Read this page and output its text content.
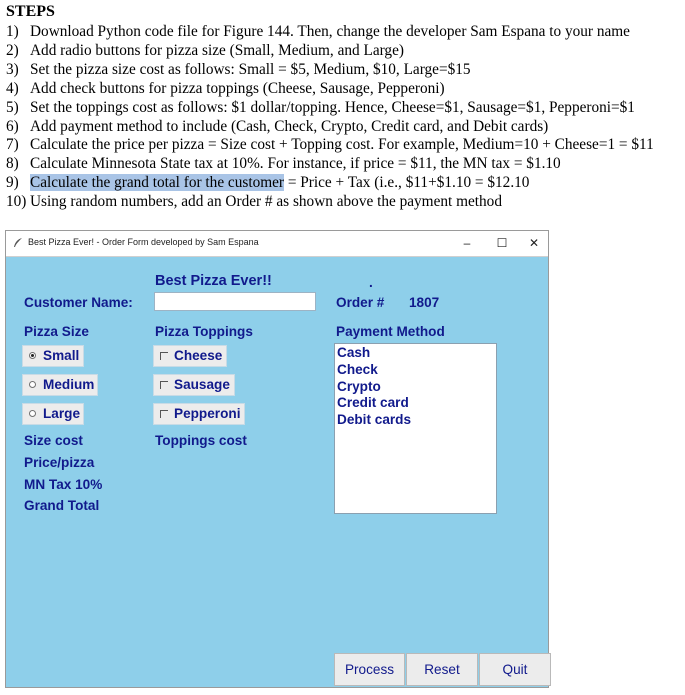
STEPS
1) Download Python code file for Figure 144. Then, change the developer Sam Espana to your name
2) Add radio buttons for pizza size (Small, Medium, and Large)
3) Set the pizza size cost as follows: Small = $5, Medium, $10, Large=$15
4) Add check buttons for pizza toppings (Cheese, Sausage, Pepperoni)
5) Set the toppings cost as follows: $1 dollar/topping. Hence, Cheese=$1, Sausage=$1, Pepperoni=$1
6) Add payment method to include (Cash, Check, Crypto, Credit card, and Debit cards)
7) Calculate the price per pizza = Size cost + Topping cost. For example, Medium=10 + Cheese=1 = $11
8) Calculate Minnesota State tax at 10%. For instance, if price = $11, the MN tax = $1.10
9) Calculate the grand total for the customer = Price + Tax (i.e., $11+$1.10 = $12.10
10) Using random numbers, add an Order # as shown above the payment method
Best Pizza Ever! - Order Form developed by Sam Espana	–	☐	✕
Best Pizza Ever!!	.
Customer Name:	Order # 1807
Pizza Size	Pizza Toppings	Payment Method
Small
Medium
Large
Cheese
Sausage
Pepperoni
Cash
Check
Crypto
Credit card
Debit cards
Size cost	Toppings cost
Price/pizza
MN Tax 10%
Grand Total
Process	Reset	Quit
